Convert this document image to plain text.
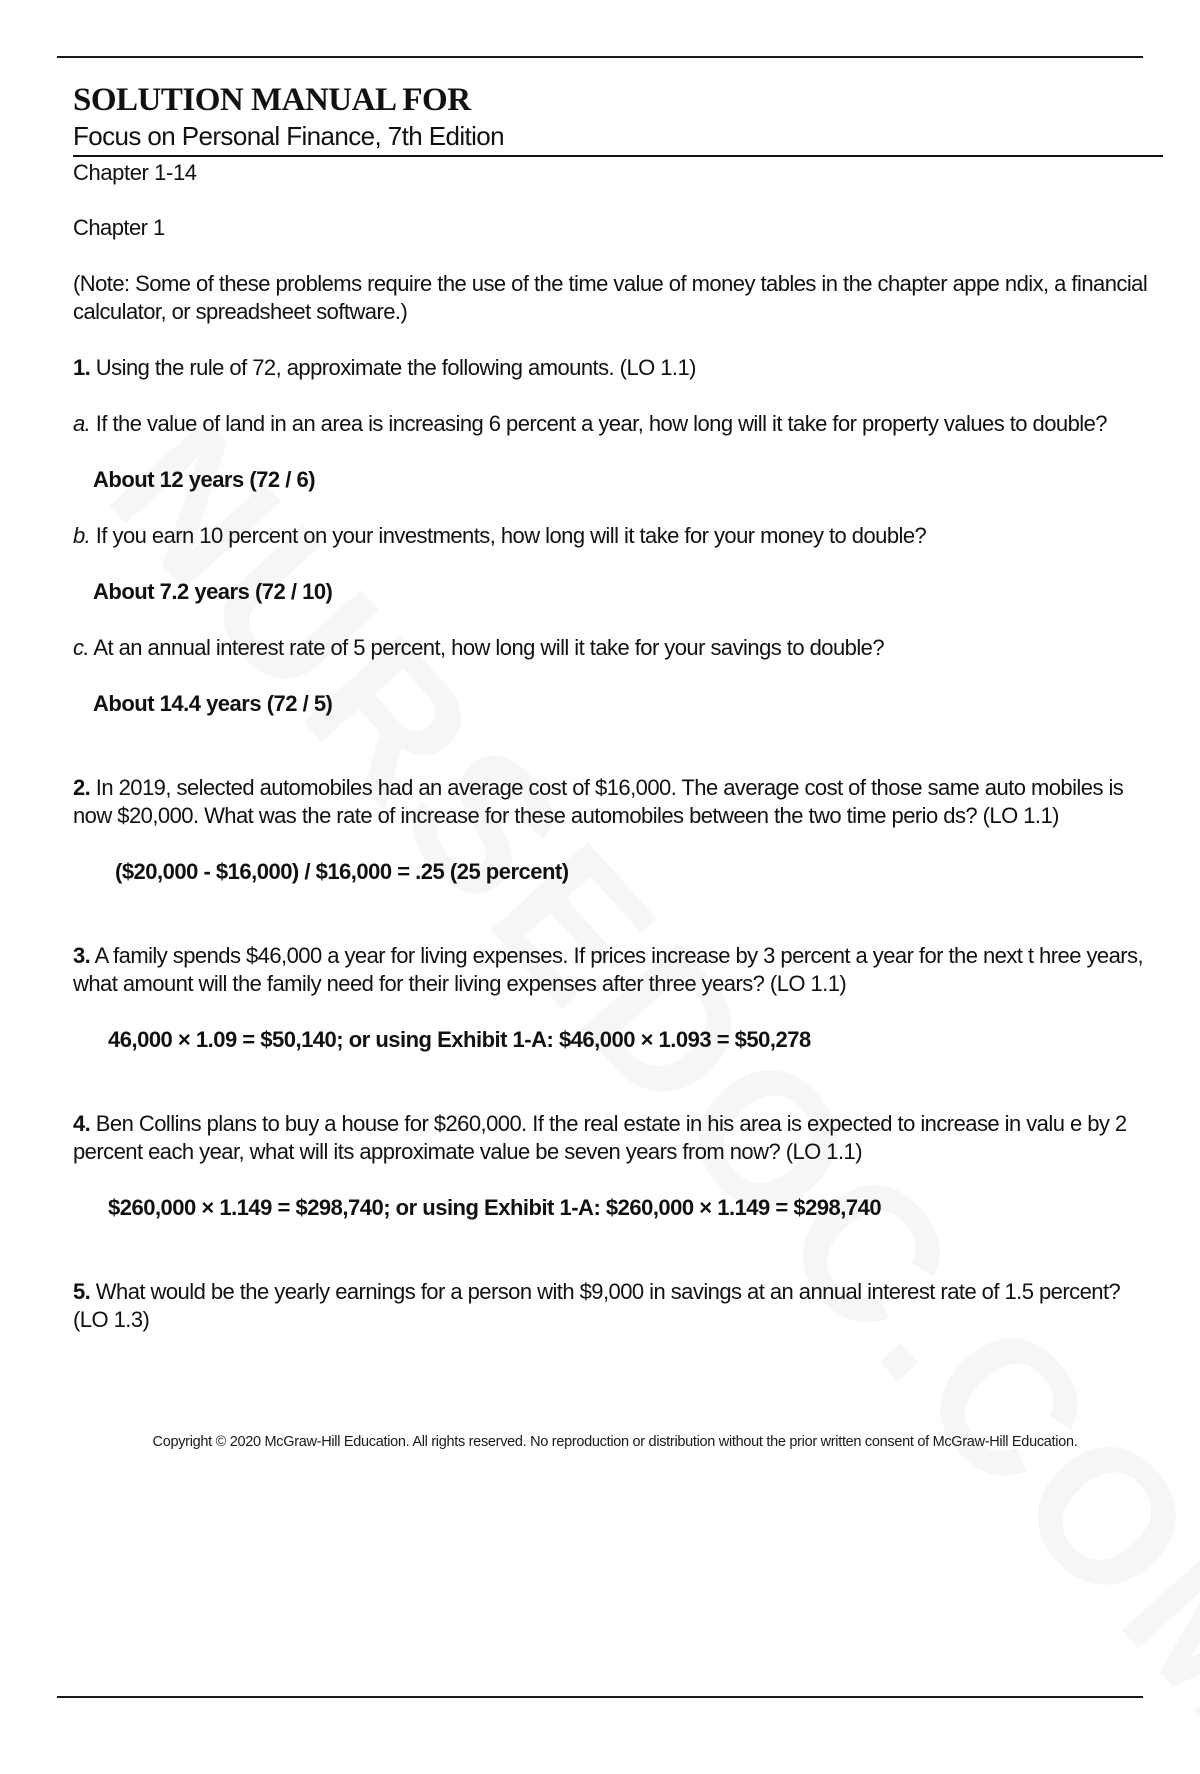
SOLUTION MANUAL FOR
Focus on Personal Finance, 7th Edition
Chapter 1-14

Chapter 1

(Note: Some of these problems require the use of the time value of money tables in the chapter appe ndix, a financial calculator, or spreadsheet software.)

1. Using the rule of 72, approximate the following amounts. (LO 1.1)

a. If the value of land in an area is increasing 6 percent a year, how long will it take for property values to double?

About 12 years (72 / 6)

b. If you earn 10 percent on your investments, how long will it take for your money to double?

About 7.2 years (72 / 10)

c. At an annual interest rate of 5 percent, how long will it take for your savings to double?

About 14.4 years (72 / 5)

2. In 2019, selected automobiles had an average cost of $16,000. The average cost of those same auto mobiles is now $20,000. What was the rate of increase for these automobiles between the two time perio ds? (LO 1.1)

($20,000 - $16,000) / $16,000 = .25 (25 percent)

3. A family spends $46,000 a year for living expenses. If prices increase by 3 percent a year for the next t hree years, what amount will the family need for their living expenses after three years? (LO 1.1)

46,000 × 1.09 = $50,140; or using Exhibit 1-A: $46,000 × 1.093 = $50,278

4. Ben Collins plans to buy a house for $260,000. If the real estate in his area is expected to increase in valu e by 2 percent each year, what will its approximate value be seven years from now? (LO 1.1)

$260,000 × 1.149 = $298,740; or using Exhibit 1-A: $260,000 × 1.149 = $298,740

5. What would be the yearly earnings for a person with $9,000 in savings at an annual interest rate of 1.5 percent? (LO 1.3)

Copyright © 2020 McGraw-Hill Education. All rights reserved. No reproduction or distribution without the prior written consent of McGraw-Hill Education.
